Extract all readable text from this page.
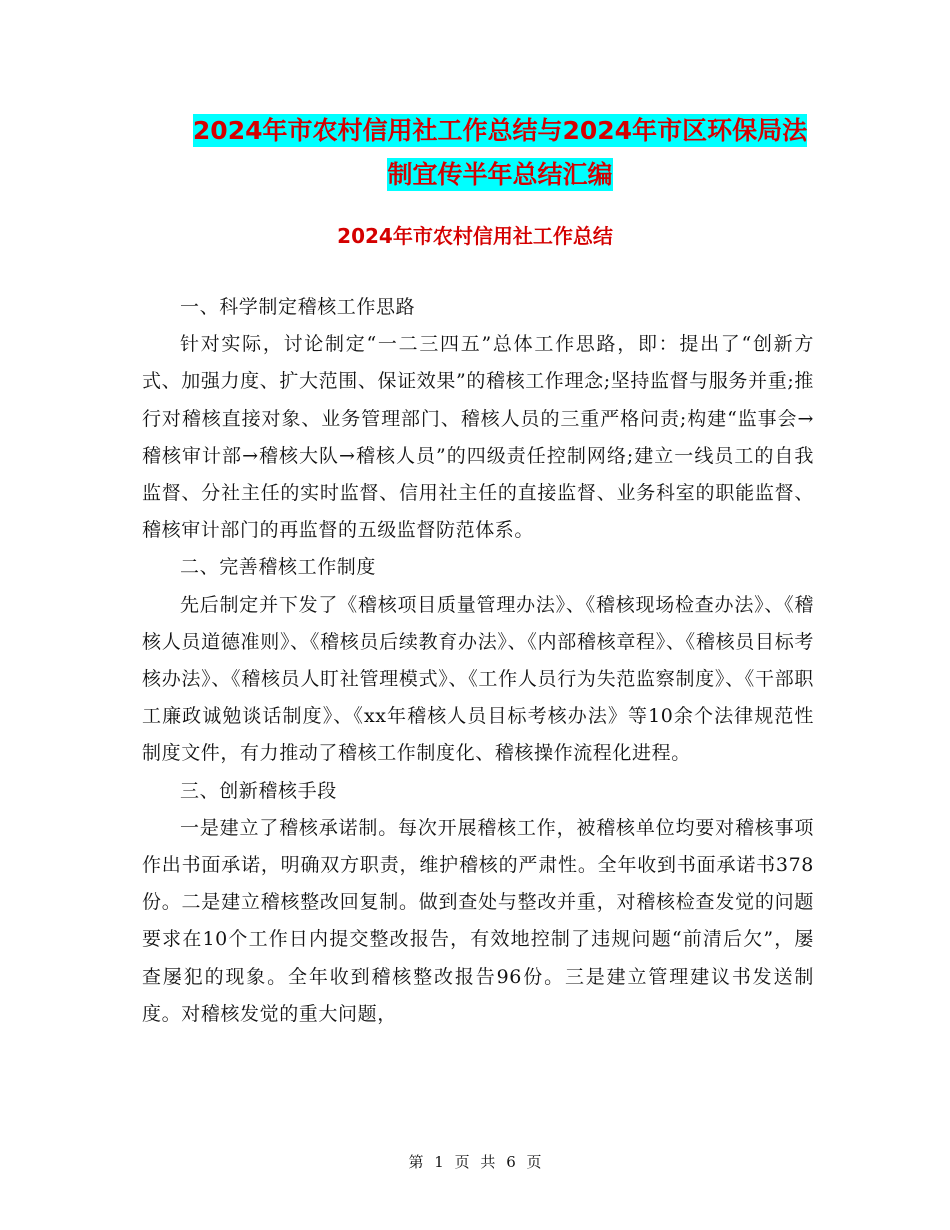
2024年市农村信用社工作总结与2024年市区环保局法
制宜传半年总结汇编
2024年市农村信用社工作总结

一、科学制定稽核工作思路

针对实际，讨论制定“一二三四五”总体工作思路，即：提出了“创新方式、加强力度、扩大范围、保证效果”的稽核工作理念;坚持监督与服务并重;推行对稽核直接对象、业务管理部门、稽核人员的三重严格问责;构建“监事会→稽核审计部→稽核大队→稽核人员”的四级责任控制网络;建立一线员工的自我监督、分社主任的实时监督、信用社主任的直接监督、业务科室的职能监督、稽核审计部门的再监督的五级监督防范体系。

二、完善稽核工作制度

先后制定并下发了《稽核项目质量管理办法》、《稽核现场检查办法》、《稽核人员道德准则》、《稽核员后续教育办法》、《内部稽核章程》、《稽核员目标考核办法》、《稽核员人盯社管理模式》、《工作人员行为失范监察制度》、《干部职工廉政诚勉谈话制度》、《xx年稽核人员目标考核办法》等10余个法律规范性制度文件，有力推动了稽核工作制度化、稽核操作流程化进程。

三、创新稽核手段

一是建立了稽核承诺制。每次开展稽核工作，被稽核单位均要对稽核事项作出书面承诺，明确双方职责，维护稽核的严肃性。全年收到书面承诺书378份。二是建立稽核整改回复制。做到查处与整改并重，对稽核检查发觉的问题要求在10个工作日内提交整改报告，有效地控制了违规问题“前清后欠”，屡查屡犯的现象。全年收到稽核整改报告96份。三是建立管理建议书发送制度。对稽核发觉的重大问题，

第 1 页 共 6 页
